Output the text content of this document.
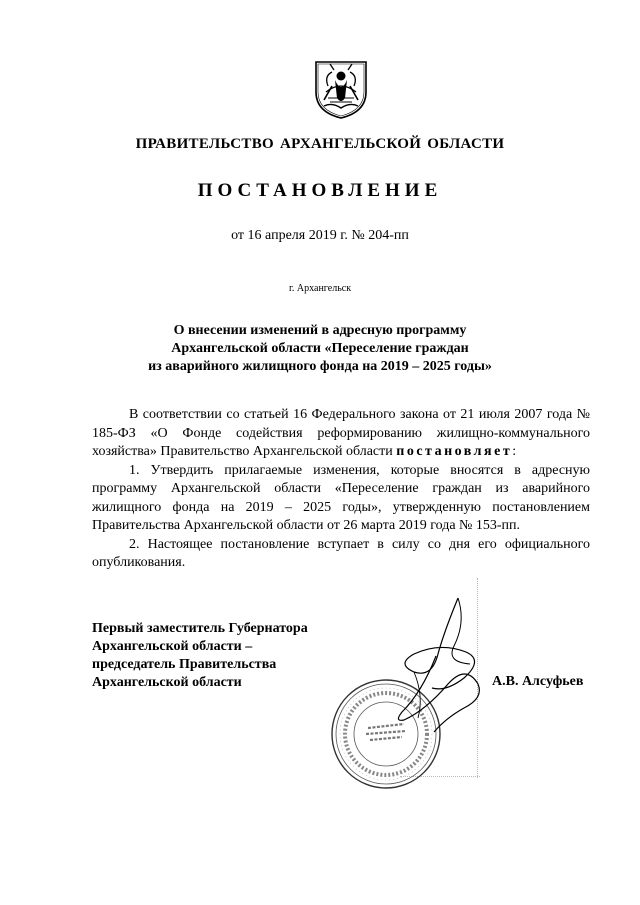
ПРАВИТЕЛЬСТВО АРХАНГЕЛЬСКОЙ ОБЛАСТИ
ПОСТАНОВЛЕНИЕ
от 16 апреля 2019 г. № 204-пп
г. Архангельск
О внесении изменений в адресную программу
Архангельской области «Переселение граждан
из аварийного жилищного фонда на 2019 – 2025 годы»

В соответствии со статьей 16 Федерального закона от 21 июля 2007 года № 185-ФЗ «О Фонде содействия реформированию жилищно-коммунального хозяйства» Правительство Архангельской области постановляет:

1. Утвердить прилагаемые изменения, которые вносятся в адресную программу Архангельской области «Переселение граждан из аварийного жилищного фонда на 2019 – 2025 годы», утвержденную постановлением Правительства Архангельской области от 26 марта 2019 года № 153-пп.

2. Настоящее постановление вступает в силу со дня его официального опубликования.

Первый заместитель Губернатора
Архангельской области –
председатель Правительства
Архангельской области	А.В. Алсуфьев
